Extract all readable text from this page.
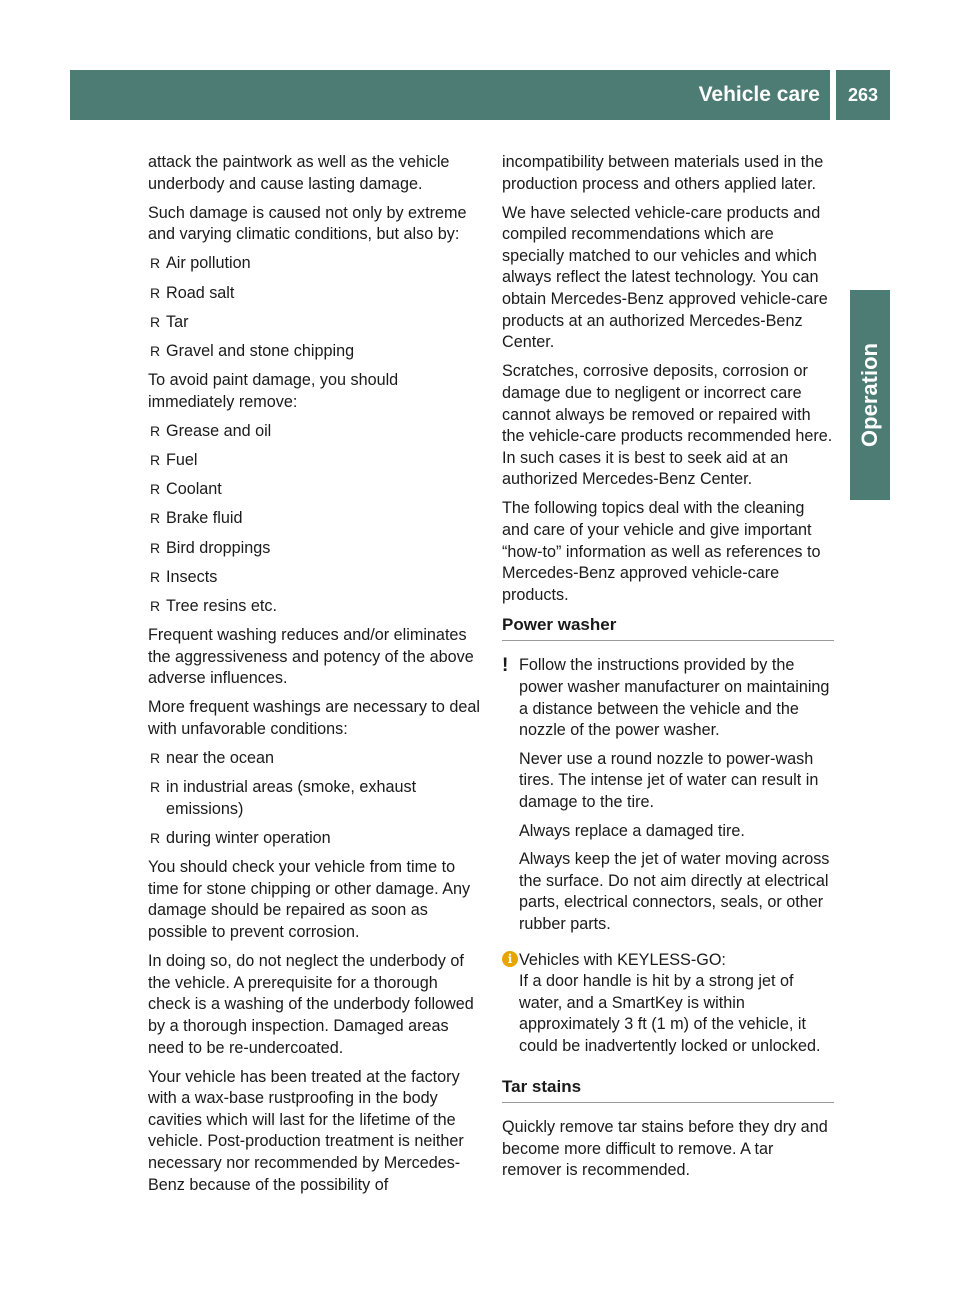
Vehicle care	263
Operation

attack the paintwork as well as the vehicle underbody and cause lasting damage.

Such damage is caused not only by extreme and varying climatic conditions, but also by:

R Air pollution
R Road salt
R Tar
R Gravel and stone chipping

To avoid paint damage, you should immediately remove:

R Grease and oil
R Fuel
R Coolant
R Brake fluid
R Bird droppings
R Insects
R Tree resins etc.

Frequent washing reduces and/or eliminates the aggressiveness and potency of the above adverse influences.

More frequent washings are necessary to deal with unfavorable conditions:

R near the ocean
R in industrial areas (smoke, exhaust emissions)
R during winter operation

You should check your vehicle from time to time for stone chipping or other damage. Any damage should be repaired as soon as possible to prevent corrosion.

In doing so, do not neglect the underbody of the vehicle. A prerequisite for a thorough check is a washing of the underbody followed by a thorough inspection. Damaged areas need to be re-undercoated.

Your vehicle has been treated at the factory with a wax-base rustproofing in the body cavities which will last for the lifetime of the vehicle. Post-production treatment is neither necessary nor recommended by Mercedes-Benz because of the possibility of

incompatibility between materials used in the production process and others applied later.

We have selected vehicle-care products and compiled recommendations which are specially matched to our vehicles and which always reflect the latest technology. You can obtain Mercedes-Benz approved vehicle-care products at an authorized Mercedes-Benz Center.

Scratches, corrosive deposits, corrosion or damage due to negligent or incorrect care cannot always be removed or repaired with the vehicle-care products recommended here. In such cases it is best to seek aid at an authorized Mercedes-Benz Center.

The following topics deal with the cleaning and care of your vehicle and give important “how-to” information as well as references to Mercedes-Benz approved vehicle-care products.

Power washer
! Follow the instructions provided by the power washer manufacturer on maintaining a distance between the vehicle and the nozzle of the power washer.

Never use a round nozzle to power-wash tires. The intense jet of water can result in damage to the tire.

Always replace a damaged tire.

Always keep the jet of water moving across the surface. Do not aim directly at electrical parts, electrical connectors, seals, or other rubber parts.

i Vehicles with KEYLESS-GO:

If a door handle is hit by a strong jet of water, and a SmartKey is within approximately 3 ft (1 m) of the vehicle, it could be inadvertently locked or unlocked.

Tar stains

Quickly remove tar stains before they dry and become more difficult to remove. A tar remover is recommended.
